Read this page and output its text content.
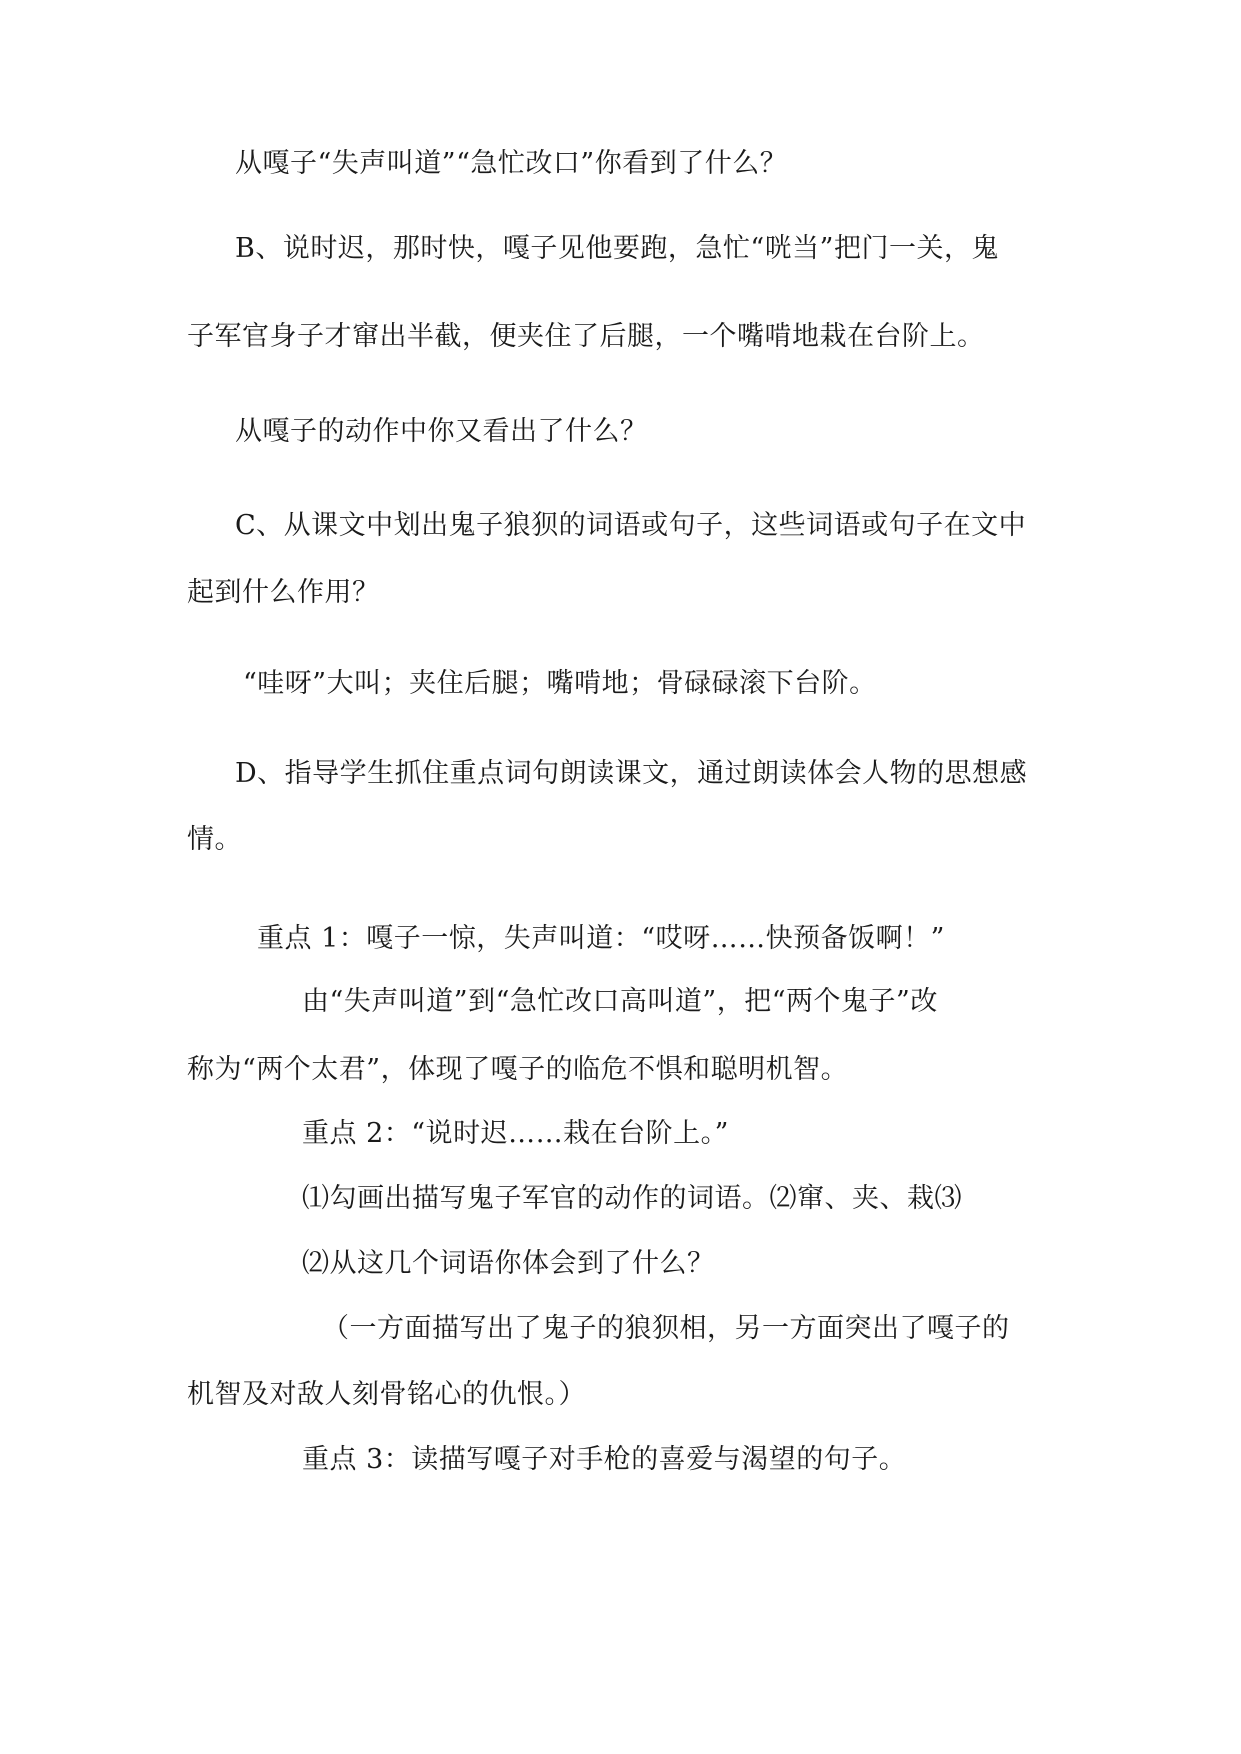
从嘎子“失声叫道”“急忙改口”你看到了什么？
B、说时迟，那时快，嘎子见他要跑，急忙“咣当”把门一关，鬼
子军官身子才窜出半截，便夹住了后腿，一个嘴啃地栽在台阶上。
从嘎子的动作中你又看出了什么？
C、从课文中划出鬼子狼狈的词语或句子，这些词语或句子在文中
起到什么作用？
“哇呀”大叫；夹住后腿；嘴啃地；骨碌碌滚下台阶。
D、指导学生抓住重点词句朗读课文，通过朗读体会人物的思想感
情。
重点 1：嘎子一惊，失声叫道：“哎呀……快预备饭啊！”
由“失声叫道”到“急忙改口高叫道”，把“两个鬼子”改
称为“两个太君”，体现了嘎子的临危不惧和聪明机智。
重点 2：“说时迟……栽在台阶上。”
⑴勾画出描写鬼子军官的动作的词语。⑵窜、夹、栽⑶
⑵从这几个词语你体会到了什么？
（一方面描写出了鬼子的狼狈相，另一方面突出了嘎子的
机智及对敌人刻骨铭心的仇恨。）
重点 3：读描写嘎子对手枪的喜爱与渴望的句子。
